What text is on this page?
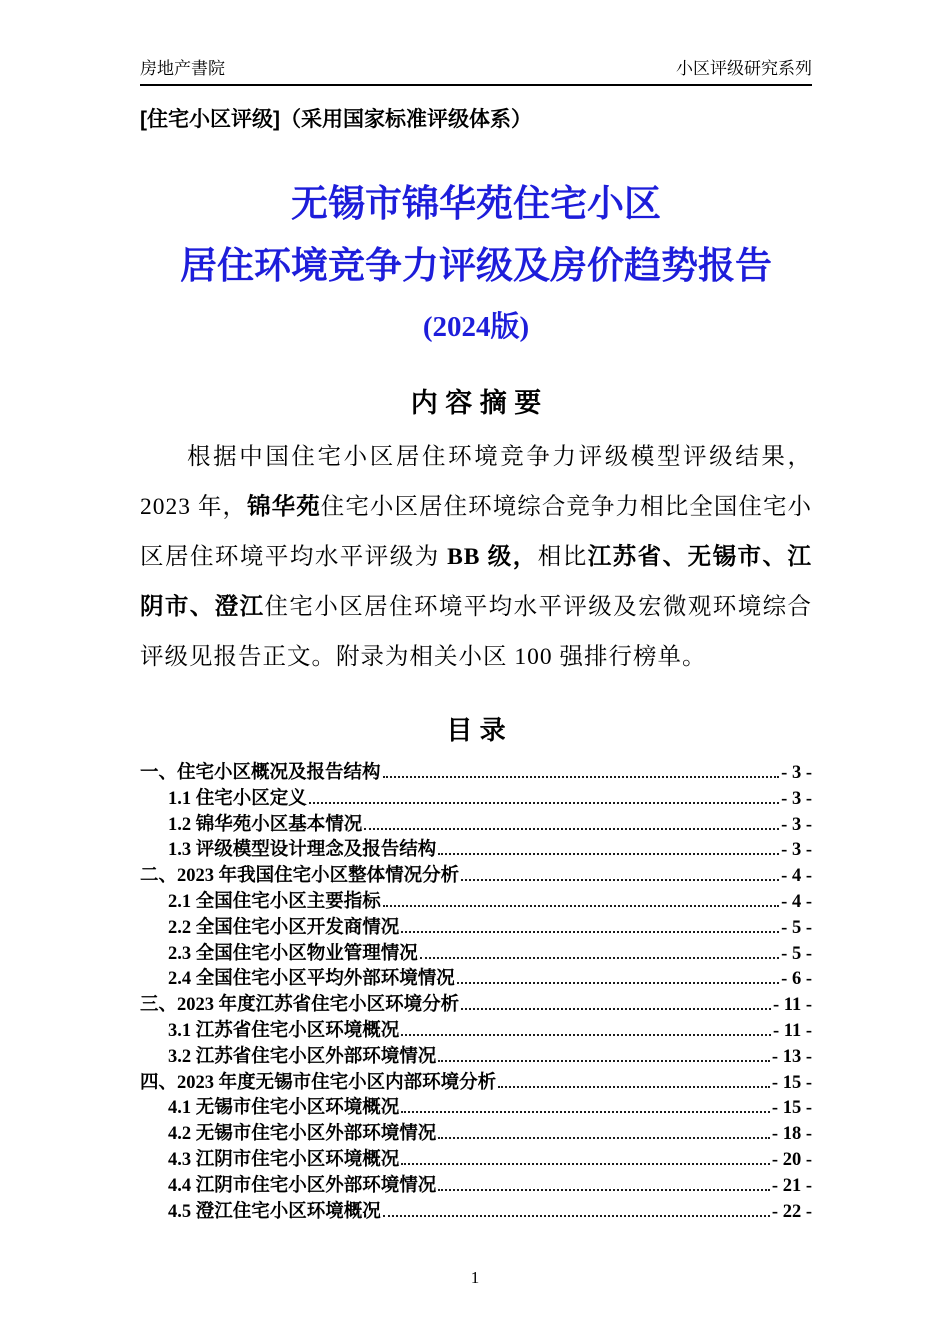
房地产書院	小区评级研究系列
[住宅小区评级]（采用国家标准评级体系）
无锡市锦华苑住宅小区
居住环境竞争力评级及房价趋势报告
(2024版)
内 容 摘 要
根据中国住宅小区居住环境竞争力评级模型评级结果，2023 年，锦华苑住宅小区居住环境综合竞争力相比全国住宅小区居住环境平均水平评级为 BB 级，相比江苏省、无锡市、江阴市、澄江住宅小区居住环境平均水平评级及宏微观环境综合评级见报告正文。附录为相关小区 100 强排行榜单。
目 录
一、住宅小区概况及报告结构	- 3 -
1.1 住宅小区定义	- 3 -
1.2 锦华苑小区基本情况	- 3 -
1.3 评级模型设计理念及报告结构	- 3 -
二、2023 年我国住宅小区整体情况分析	- 4 -
2.1 全国住宅小区主要指标	- 4 -
2.2 全国住宅小区开发商情况	- 5 -
2.3 全国住宅小区物业管理情况	- 5 -
2.4 全国住宅小区平均外部环境情况	- 6 -
三、2023 年度江苏省住宅小区环境分析	- 11 -
3.1 江苏省住宅小区环境概况	- 11 -
3.2 江苏省住宅小区外部环境情况	- 13 -
四、2023 年度无锡市住宅小区内部环境分析	- 15 -
4.1 无锡市住宅小区环境概况	- 15 -
4.2 无锡市住宅小区外部环境情况	- 18 -
4.3 江阴市住宅小区环境概况	- 20 -
4.4 江阴市住宅小区外部环境情况	- 21 -
4.5 澄江住宅小区环境概况	- 22 -
1
